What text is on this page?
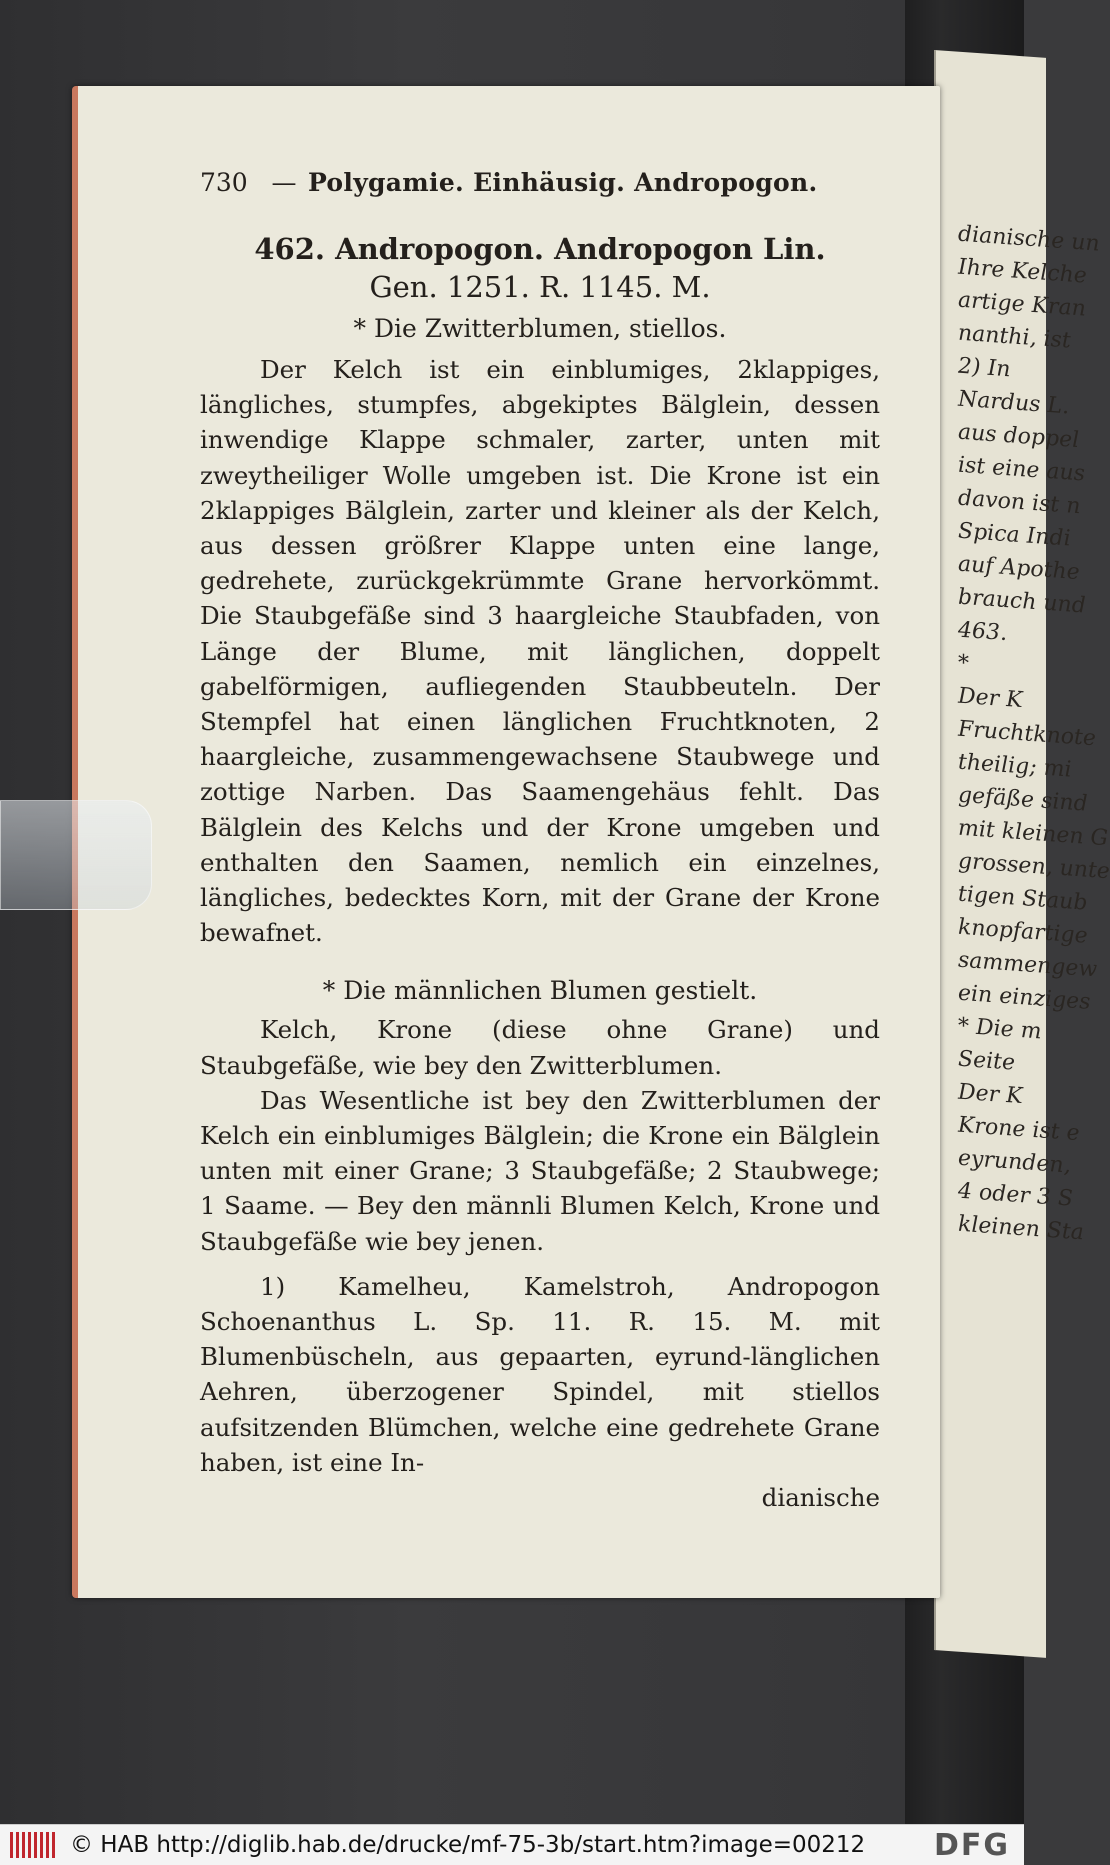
dianische un
Ihre Kelche
artige Kran
nanthi, ist
2) In
Nardus L.
aus doppel
ist eine aus
davon ist n
Spica Indi
auf Apothe
brauch und
463.
*
Der K
Fruchtknote
theilig; mi
gefäße sind
mit kleinen G
grossen, unte
tigen Staub
knopfartige
sammengew
ein einziges
* Die m
Seite
Der K
Krone ist e
eyrunden,
4 oder 3 S
kleinen Sta
730 — Polygamie. Einhäusig. Andropogon.
462. Andropogon. Andropogon Lin.
Gen. 1251. R. 1145. M.
* Die Zwitterblumen, stiellos.

Der Kelch ist ein einblumiges, 2klappiges, längliches, stumpfes, abgekiptes Bälglein, dessen inwendige Klappe schmaler, zarter, unten mit zweytheiliger Wolle umgeben ist. Die Krone ist ein 2klappiges Bälglein, zarter und kleiner als der Kelch, aus dessen größrer Klappe unten eine lange, gedrehete, zurückgekrümmte Grane hervorkömmt. Die Staubgefäße sind 3 haargleiche Staubfaden, von Länge der Blume, mit länglichen, doppelt gabelförmigen, aufliegenden Staubbeuteln. Der Stempfel hat einen länglichen Fruchtknoten, 2 haargleiche, zusammengewachsene Staubwege und zottige Narben. Das Saamengehäus fehlt. Das Bälglein des Kelchs und der Krone umgeben und enthalten den Saamen, nemlich ein einzelnes, längliches, bedecktes Korn, mit der Grane der Krone bewafnet.

* Die männlichen Blumen gestielt.

Kelch, Krone (diese ohne Grane) und Staubgefäße, wie bey den Zwitterblumen.

Das Wesentliche ist bey den Zwitterblumen der Kelch ein einblumiges Bälglein; die Krone ein Bälglein unten mit einer Grane; 3 Staubgefäße; 2 Staubwege; 1 Saame. — Bey den männli Blumen Kelch, Krone und Staubgefäße wie bey jenen.

1) Kamelheu, Kamelstroh, Andropogon Schoenanthus L. Sp. 11. R. 15. M. mit Blumenbüscheln, aus gepaarten, eyrund-länglichen Aehren, überzogener Spindel, mit stiellos aufsitzenden Blümchen, welche eine gedrehete Grane haben, ist eine In-

dianische
© HAB http://diglib.hab.de/drucke/mf-75-3b/start.htm?image=00212	DFG
